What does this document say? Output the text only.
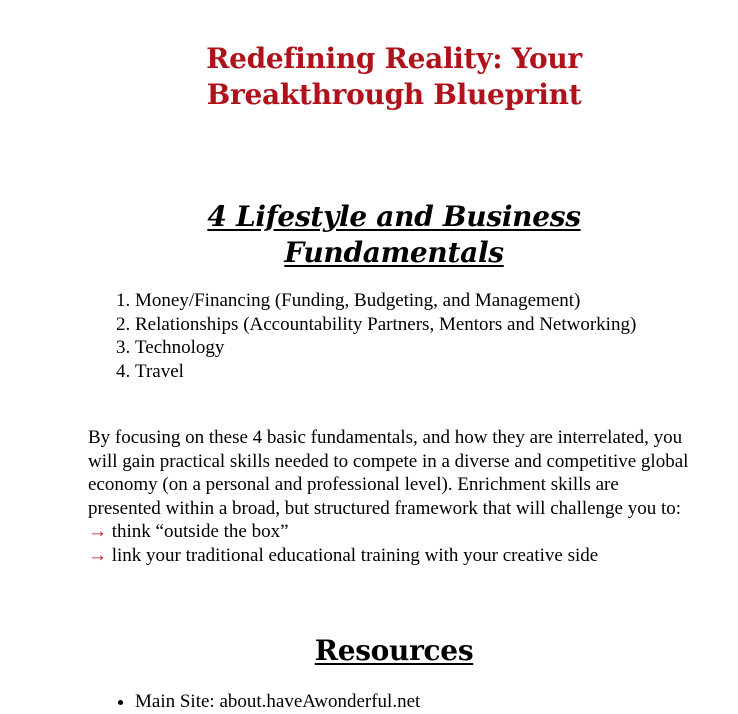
Redefining Reality: Your
Breakthrough Blueprint
4 Lifestyle and Business
Fundamentals
1. Money/Financing (Funding, Budgeting, and Management)
2. Relationships (Accountability Partners, Mentors and Networking)
3. Technology
4. Travel
By focusing on these 4 basic fundamentals, and how they are interrelated, you will gain practical skills needed to compete in a diverse and competitive global economy (on a personal and professional level). Enrichment skills are presented within a broad, but structured framework that will challenge you to:
→ think “outside the box”
→ link your traditional educational training with your creative side
Resources
• Main Site: about.haveAwonderful.net
